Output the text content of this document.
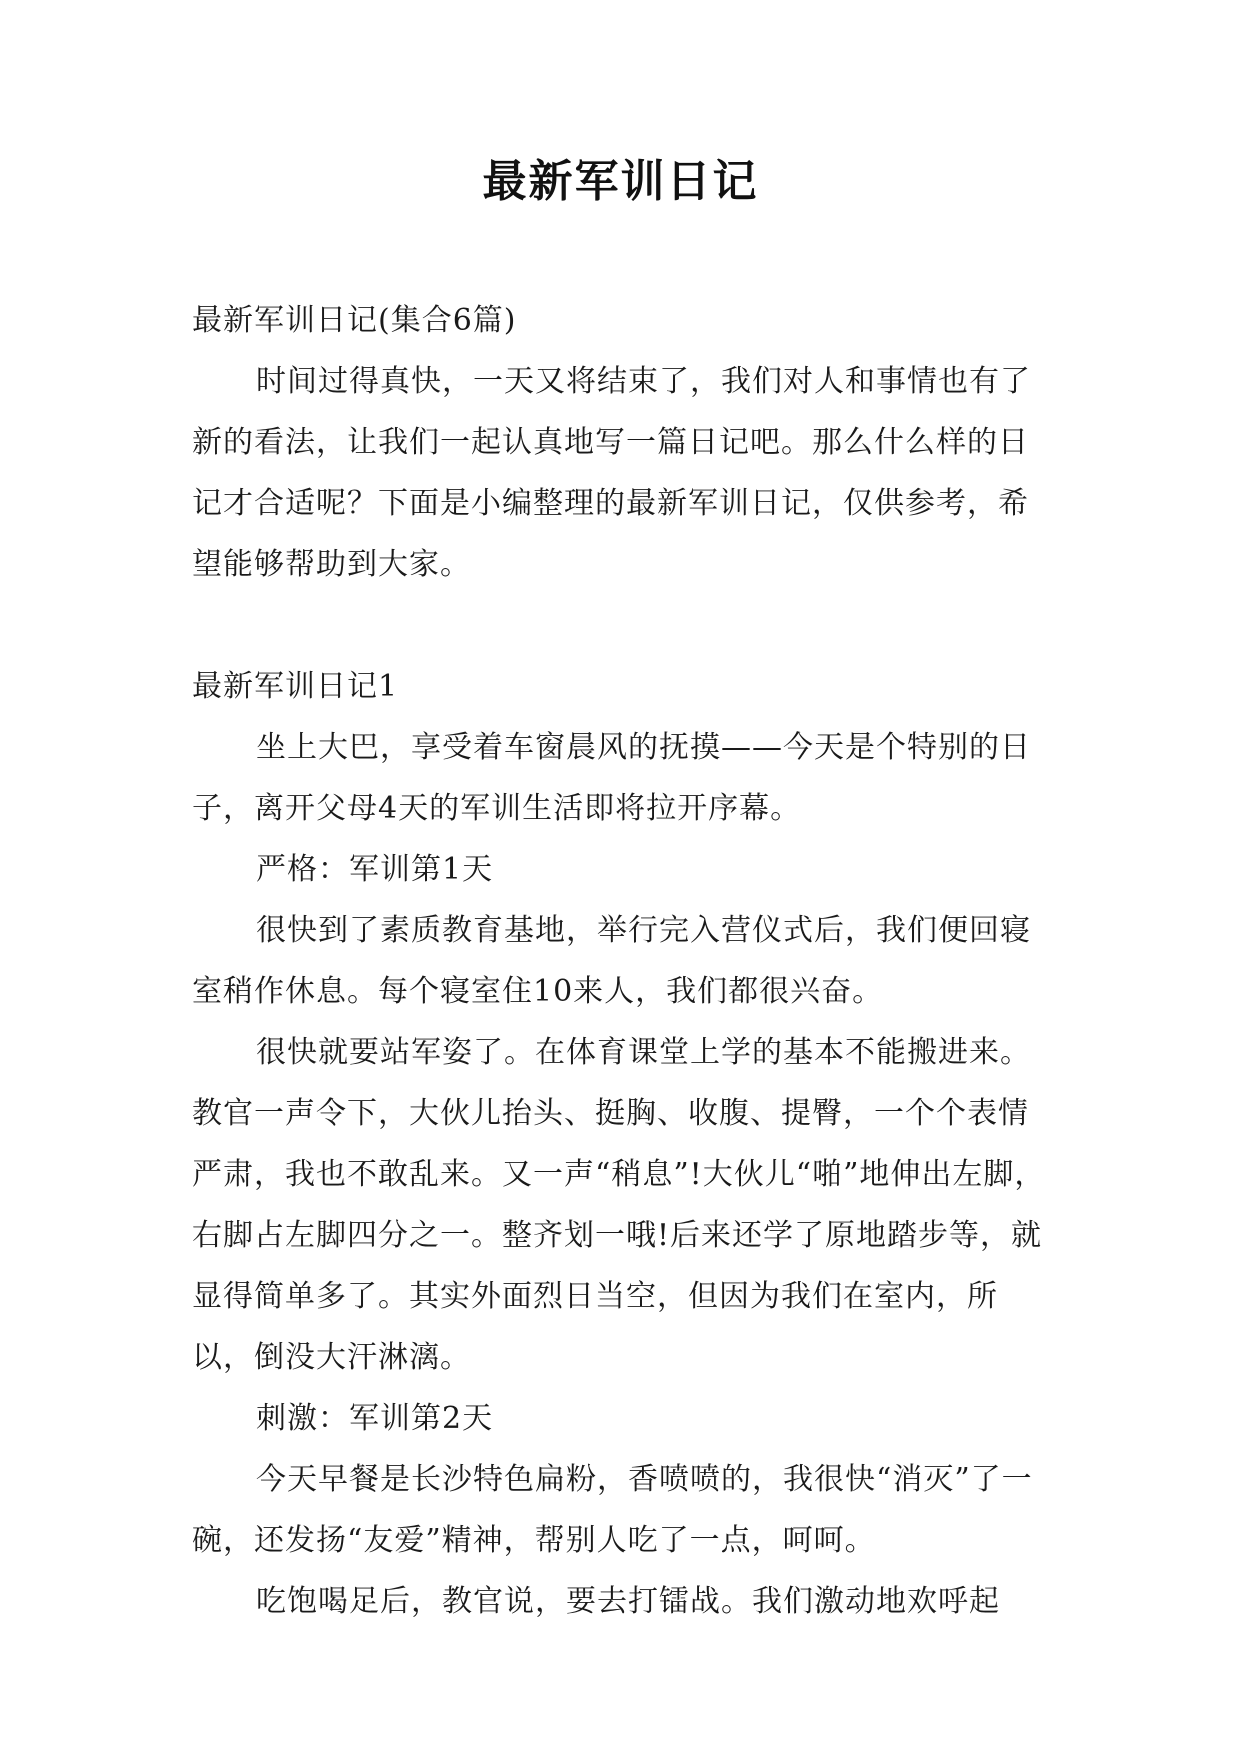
最新军训日记

最新军训日记(集合6篇)

时间过得真快，一天又将结束了，我们对人和事情也有了新的看法，让我们一起认真地写一篇日记吧。那么什么样的日记才合适呢？下面是小编整理的最新军训日记，仅供参考，希望能够帮助到大家。

最新军训日记1

坐上大巴，享受着车窗晨风的抚摸——今天是个特别的日子，离开父母4天的军训生活即将拉开序幕。

严格：军训第1天

很快到了素质教育基地，举行完入营仪式后，我们便回寝室稍作休息。每个寝室住10来人，我们都很兴奋。

很快就要站军姿了。在体育课堂上学的基本不能搬进来。教官一声令下，大伙儿抬头、挺胸、收腹、提臀，一个个表情严肃，我也不敢乱来。又一声“稍息”!大伙儿“啪”地伸出左脚，右脚占左脚四分之一。整齐划一哦!后来还学了原地踏步等，就显得简单多了。其实外面烈日当空，但因为我们在室内，所以，倒没大汗淋漓。

刺激：军训第2天

今天早餐是长沙特色扁粉，香喷喷的，我很快“消灭”了一碗，还发扬“友爱”精神，帮别人吃了一点，呵呵。

吃饱喝足后，教官说，要去打镭战。我们激动地欢呼起
